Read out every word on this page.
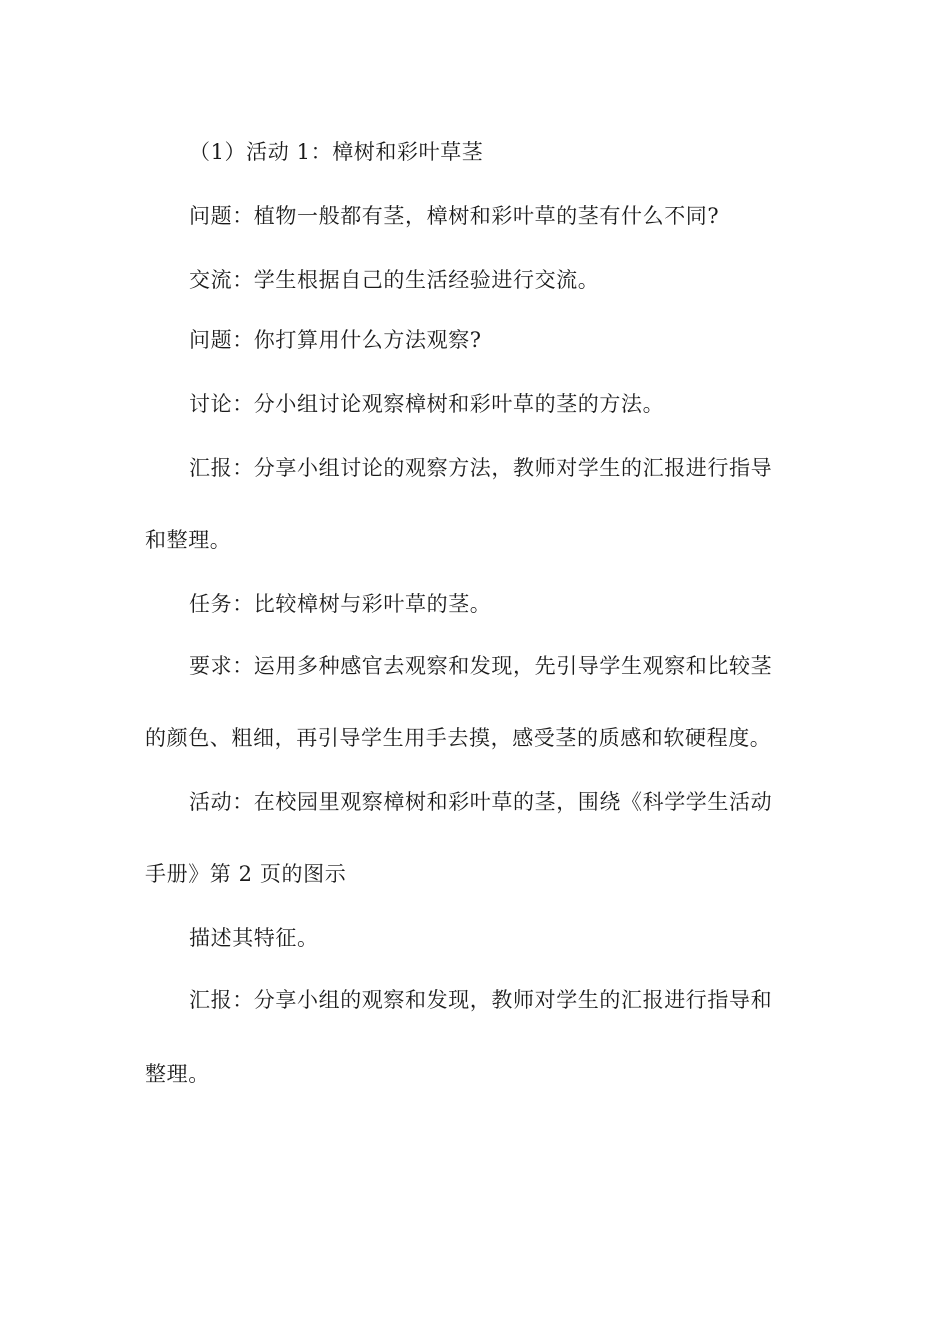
（1）活动 1：樟树和彩叶草茎
问题：植物一般都有茎，樟树和彩叶草的茎有什么不同?
交流：学生根据自己的生活经验进行交流。
问题：你打算用什么方法观察?
讨论：分小组讨论观察樟树和彩叶草的茎的方法。
汇报：分享小组讨论的观察方法，教师对学生的汇报进行指导
和整理。
任务：比较樟树与彩叶草的茎。
要求：运用多种感官去观察和发现，先引导学生观察和比较茎
的颜色、粗细，再引导学生用手去摸，感受茎的质感和软硬程度。
活动：在校园里观察樟树和彩叶草的茎，围绕《科学学生活动
手册》第 2 页的图示
描述其特征。
汇报：分享小组的观察和发现，教师对学生的汇报进行指导和
整理。
